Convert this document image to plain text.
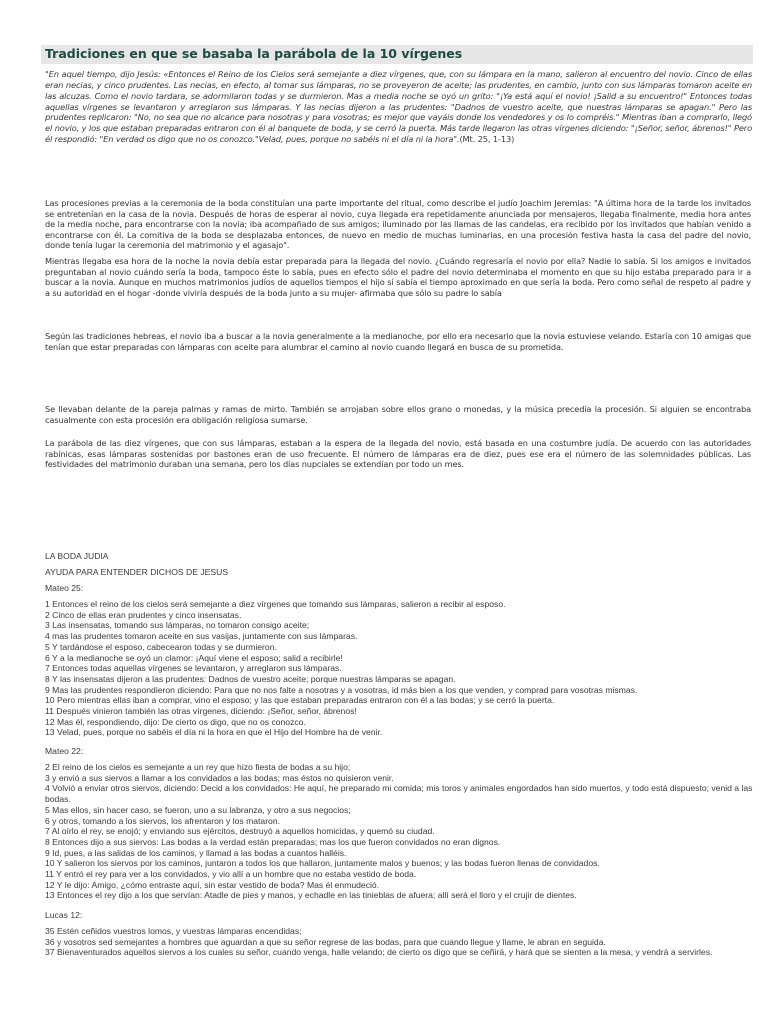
Tradiciones en que se basaba la parábola de la 10 vírgenes
"En aquel tiempo, dijo Jesús: «Entonces el Reino de los Cielos será semejante a diez vírgenes, que, con su lámpara en la mano, salieron al encuentro del novio. Cinco de ellas eran necias, y cinco prudentes. Las necias, en efecto, al tomar sus lámparas, no se proveyeron de aceite; las prudentes, en cambio, junto con sus lámparas tomaron aceite en las alcuzas. Como el novio tardara, se adormilaron todas y se durmieron. Mas a media noche se oyó un grito: "¡Ya está aquí el novio! ¡Salid a su encuentro!" Entonces todas aquellas vírgenes se levantaron y arreglaron sus lámparas. Y las necias dijeron a las prudentes: "Dadnos de vuestro aceite, que nuestras lámparas se apagan." Pero las prudentes replicaron: "No, no sea que no alcance para nosotras y para vosotras; es mejor que vayáis donde los vendedores y os lo compréis." Mientras iban a comprarlo, llegó el novio, y los que estaban preparadas entraron con él al banquete de boda, y se cerró la puerta. Más tarde llegaron las otras vírgenes diciendo: "¡Señor, señor, ábrenos!" Pero él respondió: "En verdad os digo que no os conozco."Velad, pues, porque no sabéis ni el día ni la hora".(Mt. 25, 1-13)
Las procesiones previas a la ceremonia de la boda constituían una parte importante del ritual, como describe el judío Joachim Jeremias: "A última hora de la tarde los invitados se entretenían en la casa de la novia. Después de horas de esperar al novio, cuya llegada era repetidamente anunciada por mensajeros, llegaba finalmente, media hora antes de la media noche, para encontrarse con la novia; iba acompañado de sus amigos; iluminado por las llamas de las candelas, era recibido por los invitados que habían venido a encontrarse con él. La comitiva de la boda se desplazaba entonces, de nuevo en medio de muchas luminarias, en una procesión festiva hasta la casa del padre del novio, donde tenía lugar la ceremonia del matrimonio y el agasajo".
Mientras llegaba esa hora de la noche la novia debía estar preparada para la llegada del novio. ¿Cuándo regresaría el novio por ella? Nadie lo sabía. Si los amigos e invitados preguntaban al novio cuándo sería la boda, tampoco éste lo sabía, pues en efecto sólo el padre del novio determinaba el momento en que su hijo estaba preparado para ir a buscar a la novia. Aunque en muchos matrimonios judíos de aquellos tiempos el hijo sí sabía el tiempo aproximado en que sería la boda. Pero como señal de respeto al padre y a su autoridad en el hogar -donde viviría después de la boda junto a su mujer- afirmaba que sólo su padre lo sabía
Según las tradiciones hebreas, el novio iba a buscar a la novia generalmente a la medianoche, por ello era necesario que la novia estuviese velando. Estaría con 10 amigas que tenían que estar preparadas con lámparas con aceite para alumbrar el camino al novio cuando llegará en busca de su prometida.
Se llevaban delante de la pareja palmas y ramas de mirto. También se arrojaban sobre ellos grano o monedas, y la música precedía la procesión. Si alguien se encontraba casualmente con esta procesión era obligación religiosa sumarse.
La parábola de las diez vírgenes, que con sus lámparas, estaban a la espera de la llegada del novio, está basada en una costumbre judía. De acuerdo con las autoridades rabínicas, esas lámparas sostenidas por bastones eran de uso frecuente. El número de lámparas era de diez, pues ese era el número de las solemnidades públicas. Las festividades del matrimonio duraban una semana, pero los días nupciales se extendían por todo un mes.
LA BODA JUDIA
AYUDA PARA ENTENDER DICHOS DE JESUS
Mateo 25:
1 Entonces el reino de los cielos será semejante a diez vírgenes que tomando sus lámparas, salieron a recibir al esposo.
2 Cinco de ellas eran prudentes y cinco insensatas.
3 Las insensatas, tomando sus lámparas, no tomaron consigo aceite;
4 mas las prudentes tomaron aceite en sus vasijas, juntamente con sus lámparas.
5 Y tardándose el esposo, cabecearon todas y se durmieron.
6 Y a la medianoche se oyó un clamor: ¡Aquí viene el esposo; salid a recibirle!
7 Entonces todas aquellas vírgenes se levantaron, y arreglaron sus lámparas.
8 Y las insensatas dijeron a las prudentes: Dadnos de vuestro aceite; porque nuestras lámparas se apagan.
9 Mas las prudentes respondieron diciendo: Para que no nos falte a nosotras y a vosotras, id más bien a los que venden, y comprad para vosotras mismas.
10 Pero mientras ellas iban a comprar, vino el esposo; y las que estaban preparadas entraron con él a las bodas; y se cerró la puerta.
11 Después vinieron también las otras vírgenes, diciendo: ¡Señor, señor, ábrenos!
12 Mas él, respondiendo, dijo: De cierto os digo, que no os conozco.
13 Velad, pues, porque no sabéis el día ni la hora en que el Hijo del Hombre ha de venir.
Mateo 22:
2 El reino de los cielos es semejante a un rey que hizo fiesta de bodas a su hijo;
3 y envió a sus siervos a llamar a los convidados a las bodas; mas éstos no quisieron venir.
4 Volvió a enviar otros siervos, diciendo: Decid a los convidados: He aquí, he preparado mi comida; mis toros y animales engordados han sido muertos, y todo está dispuesto; venid a las bodas.
5 Mas ellos, sin hacer caso, se fueron, uno a su labranza, y otro a sus negocios;
6 y otros, tomando a los siervos, los afrentaron y los mataron.
7 Al oírlo el rey, se enojó; y enviando sus ejércitos, destruyó a aquellos homicidas, y quemó su ciudad.
8 Entonces dijo a sus siervos: Las bodas a la verdad están preparadas; mas los que fueron convidados no eran dignos.
9 Id, pues, a las salidas de los caminos, y llamad a las bodas a cuantos halléis.
10 Y salieron los siervos por los caminos, juntaron a todos los que hallaron, juntamente malos y buenos; y las bodas fueron llenas de convidados.
11 Y entró el rey para ver a los convidados, y vio allí a un hombre que no estaba vestido de boda.
12 Y le dijo: Amigo, ¿cómo entraste aquí, sin estar vestido de boda? Mas él enmudeció.
13 Entonces el rey dijo a los que servían: Atadle de pies y manos, y echadle en las tinieblas de afuera; allí será el lloro y el crujir de dientes.
Lucas 12:
35 Estén ceñidos vuestros lomos, y vuestras lámparas encendidas;
36 y vosotros sed semejantes a hombres que aguardan a que su señor regrese de las bodas, para que cuando llegue y llame, le abran en seguida.
37 Bienaventurados aquellos siervos a los cuales su señor, cuando venga, halle velando; de cierto os digo que se ceñirá, y hará que se sienten a la mesa, y vendrá a servirles.
